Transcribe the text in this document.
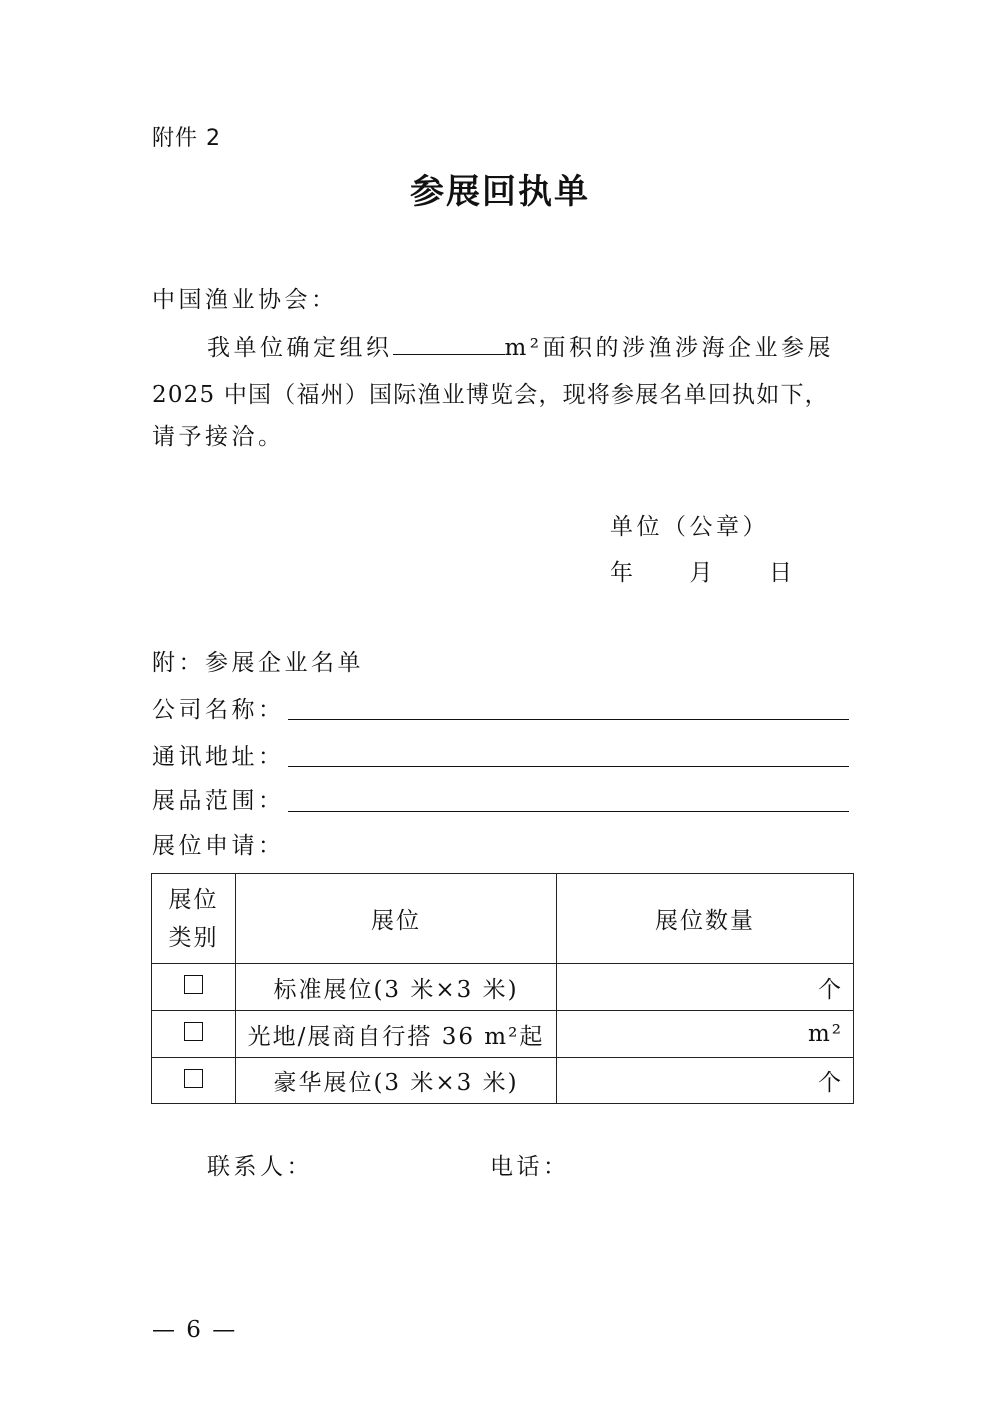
附件 2
参展回执单
中国渔业协会：
我单位确定组织	m²面积的涉渔涉海企业参展
2025 中国（福州）国际渔业博览会，现将参展名单回执如下，
请予接洽。
单位（公章）
年　　月　　日
附：参展企业名单
公司名称：
通讯地址：
展品范围：
展位申请：
展位
类别	展位	展位数量
	标准展位(3 米×3 米)	个
	光地/展商自行搭 36 m²起	m²
	豪华展位(3 米×3 米)	个
联系人：	电话：
— 6 —
